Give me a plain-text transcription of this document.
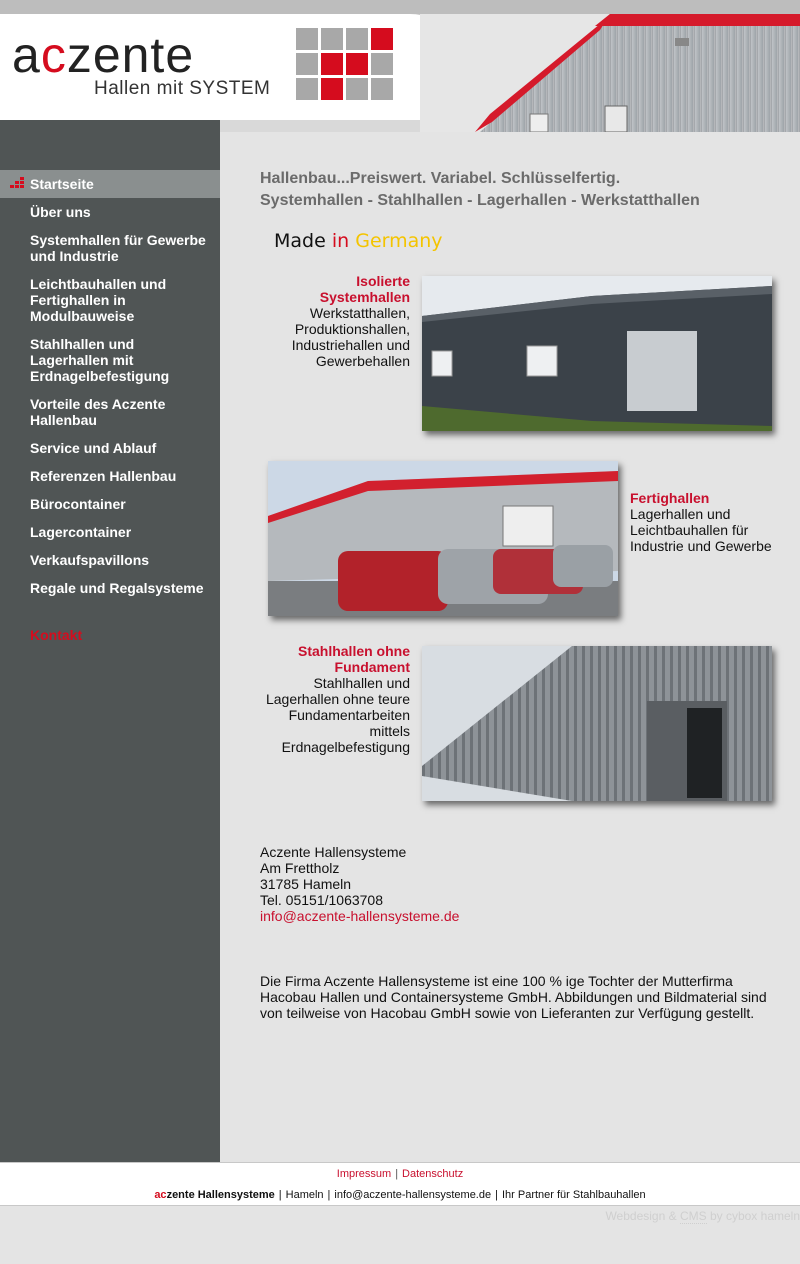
aczente
Hallen mit SYSTEM
Startseite
Über uns
Systemhallen für Gewerbe und Industrie
Leichtbauhallen und Fertighallen in Modulbauweise
Stahlhallen und Lagerhallen mit Erdnagelbefestigung
Vorteile des Aczente Hallenbau
Service und Ablauf
Referenzen Hallenbau
Bürocontainer
Lagercontainer
Verkaufspavillons
Regale und Regalsysteme
Kontakt
Hallenbau...Preiswert. Variabel. Schlüsselfertig.
Systemhallen - Stahlhallen - Lagerhallen - Werkstatthallen
Made in Germany
Isolierte
Systemhallen
Werkstatthallen,
Produktionshallen,
Industriehallen und
Gewerbehallen
Fertighallen
Lagerhallen und
Leichtbauhallen für
Industrie und Gewerbe
Stahlhallen ohne
Fundament
Stahlhallen und
Lagerhallen ohne teure
Fundamentarbeiten
mittels
Erdnagelbefestigung
Aczente Hallensysteme
Am Frettholz
31785 Hameln
Tel. 05151/1063708
info@aczente-hallensysteme.de
Die Firma Aczente Hallensysteme ist eine 100 % ige Tochter der Mutterfirma Hacobau Hallen und Containersysteme GmbH. Abbildungen und Bildmaterial sind von teilweise von Hacobau GmbH sowie von Lieferanten zur Verfügung gestellt.
Impressum | Datenschutz
aczente Hallensysteme | Hameln | info@aczente-hallensysteme.de | Ihr Partner für Stahlbauhallen
Webdesign & CMS by cybox hameln
